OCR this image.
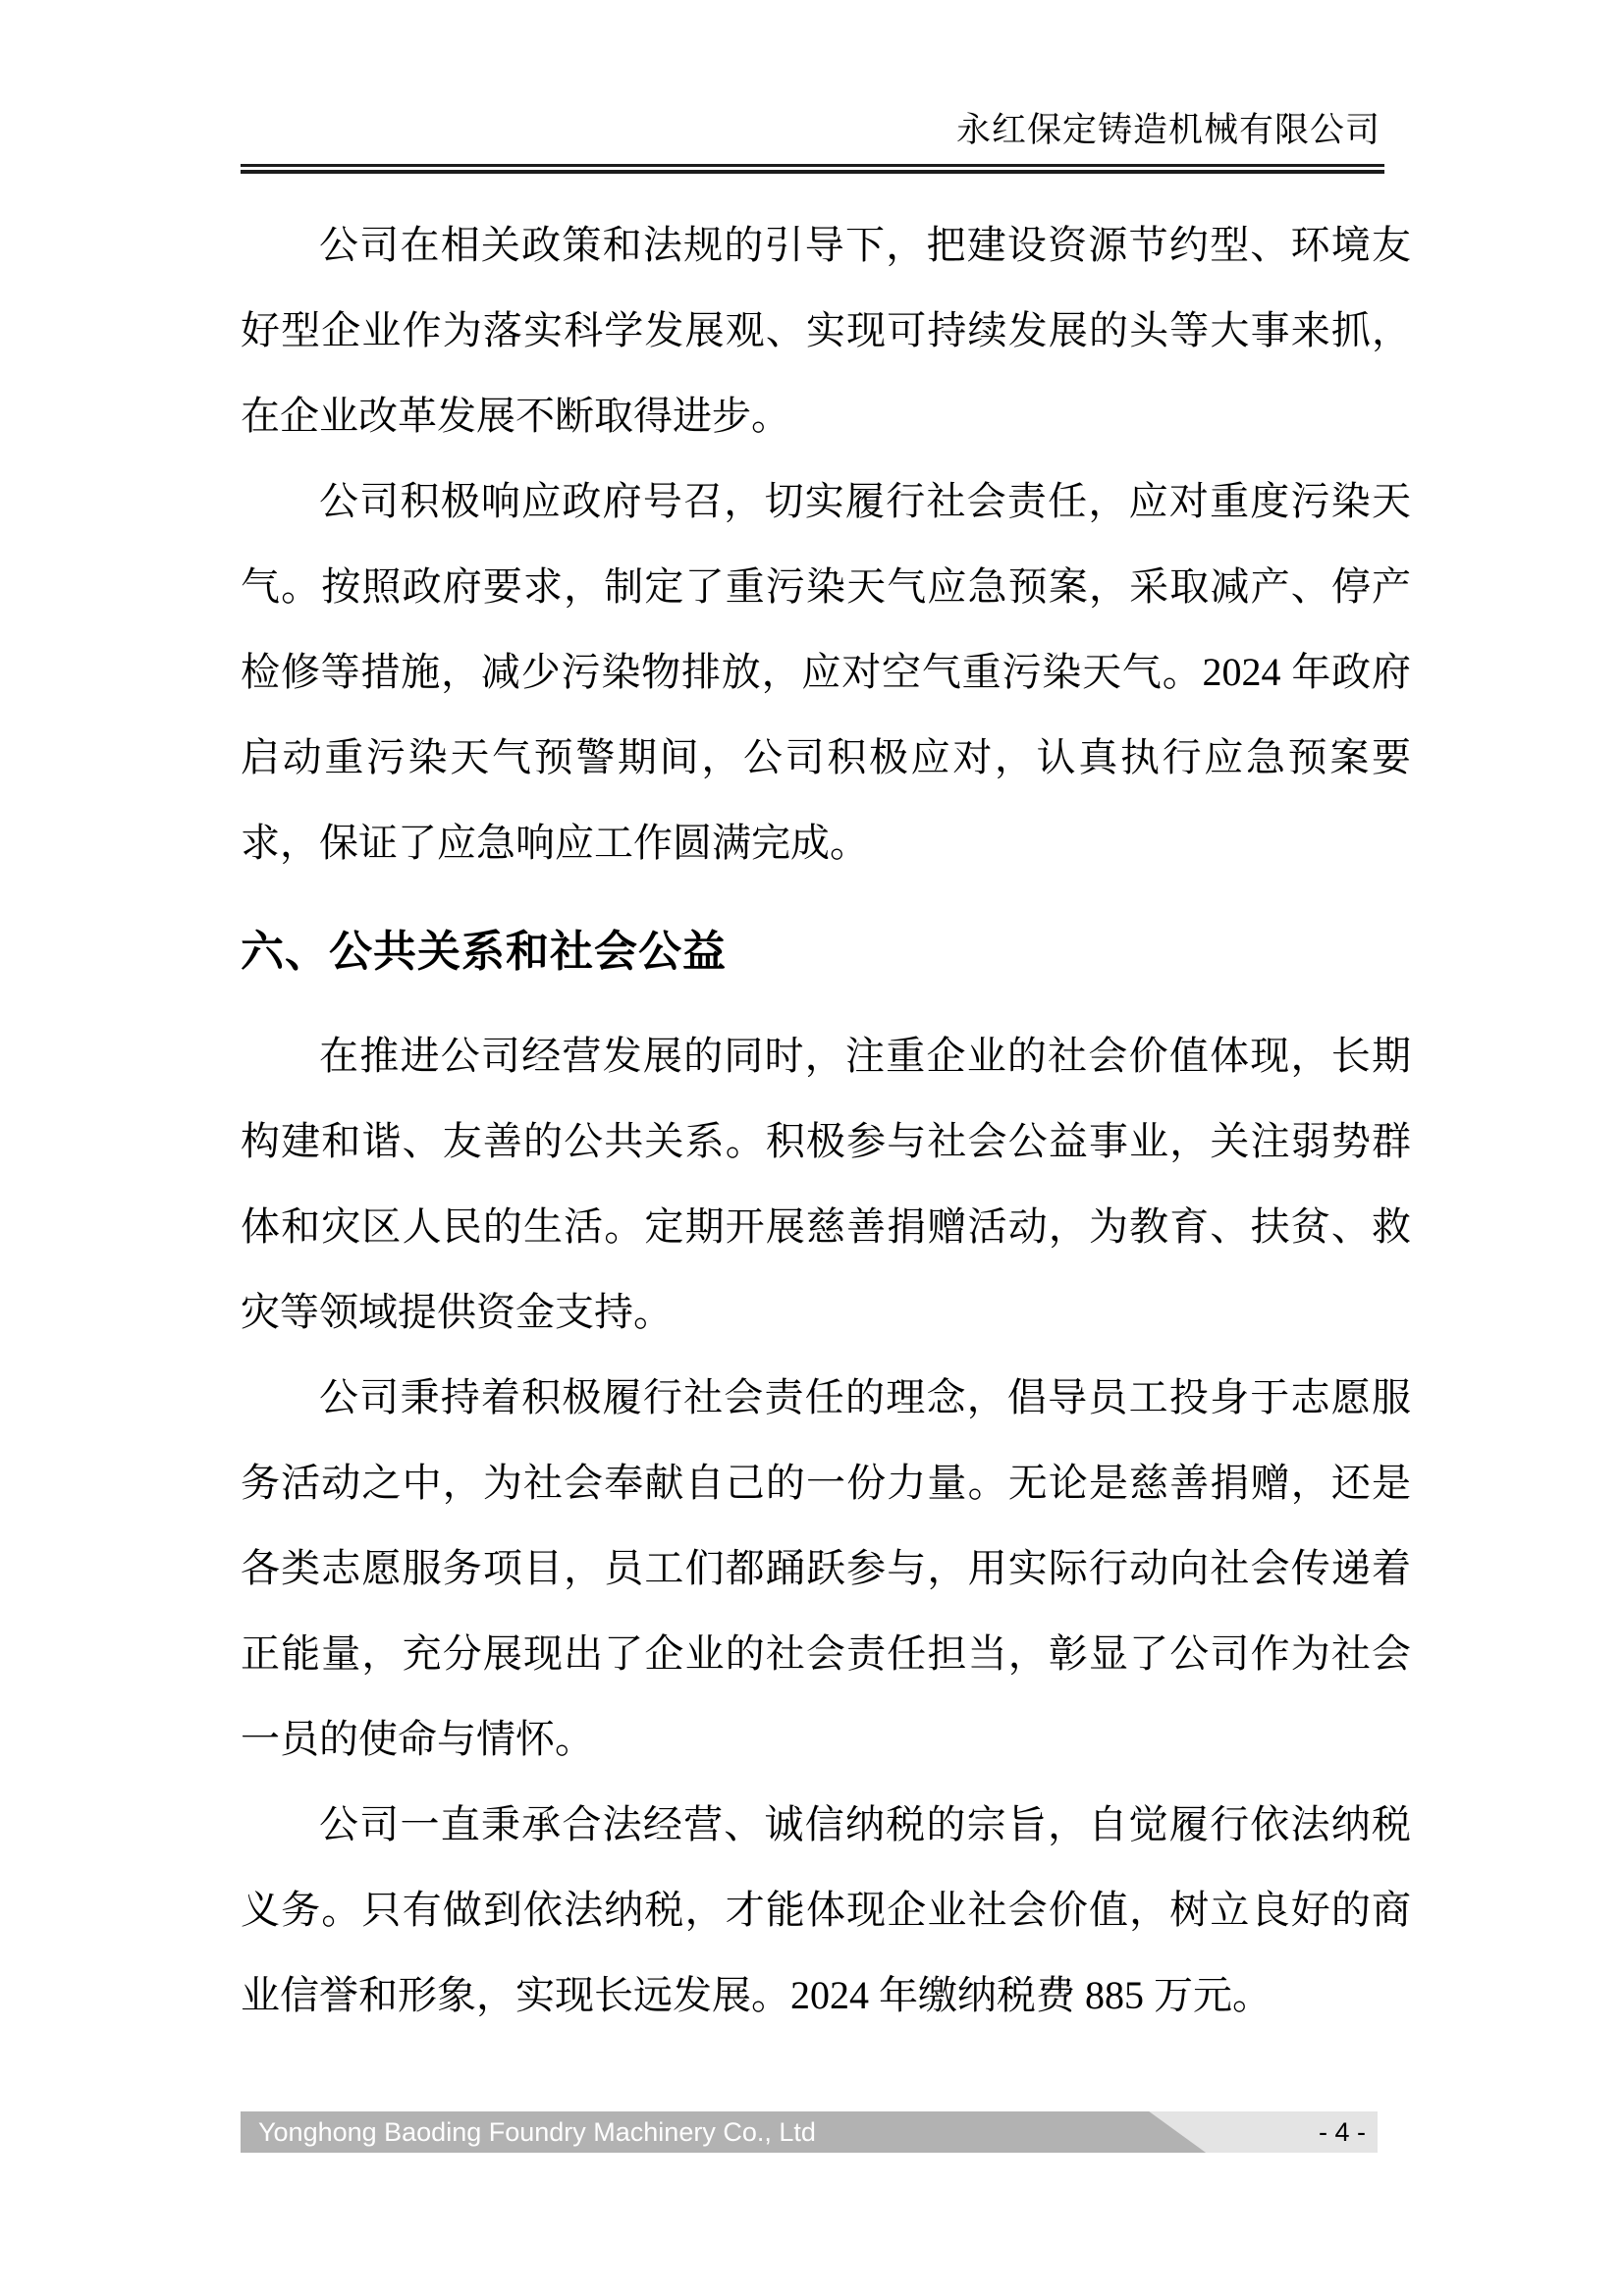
永红保定铸造机械有限公司

公司在相关政策和法规的引导下，把建设资源节约型、环境友好型企业作为落实科学发展观、实现可持续发展的头等大事来抓，在企业改革发展不断取得进步。

公司积极响应政府号召，切实履行社会责任，应对重度污染天气。按照政府要求，制定了重污染天气应急预案，采取减产、停产检修等措施，减少污染物排放，应对空气重污染天气。2024 年政府启动重污染天气预警期间，公司积极应对，认真执行应急预案要求，保证了应急响应工作圆满完成。

六、公共关系和社会公益

在推进公司经营发展的同时，注重企业的社会价值体现，长期构建和谐、友善的公共关系。积极参与社会公益事业，关注弱势群体和灾区人民的生活。定期开展慈善捐赠活动，为教育、扶贫、救灾等领域提供资金支持。

公司秉持着积极履行社会责任的理念，倡导员工投身于志愿服务活动之中，为社会奉献自己的一份力量。无论是慈善捐赠，还是各类志愿服务项目，员工们都踊跃参与，用实际行动向社会传递着正能量，充分展现出了企业的社会责任担当，彰显了公司作为社会一员的使命与情怀。

公司一直秉承合法经营、诚信纳税的宗旨，自觉履行依法纳税义务。只有做到依法纳税，才能体现企业社会价值，树立良好的商业信誉和形象，实现长远发展。2024 年缴纳税费 885 万元。

Yonghong Baoding Foundry Machinery Co., Ltd	- 4 -
